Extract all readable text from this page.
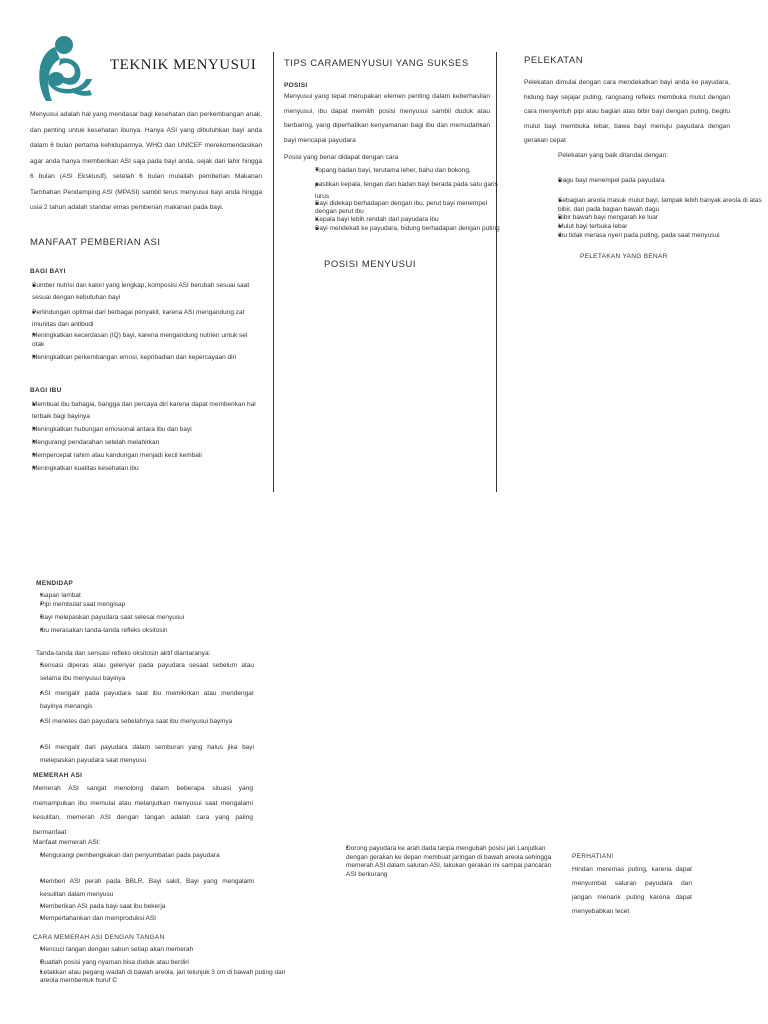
TEKNIK MENYUSUI
Menyusui adalah hal yang mendasar bagi kesehatan dan perkembangan anak, dan penting untuk kesehatan ibunya. Hanya ASI yang dibutuhkan bayi anda dalam 6 bulan pertama kehidupannya, WHO dan UNICEF merekomendasikan agar anda hanya memberikan ASI saja pada bayi anda, sejak dari lahir hingga 6 bulan (ASI Eksklusif), setelah 6 bulan mulailah pemberian Makanan Tambahan Pendamping ASI (MPASI) sambil terus menyusui bayi anda hingga usia 2 tahun adalah standar emas pemberian makanan pada bayi.
MANFAAT PEMBERIAN ASI
BAGI BAYI
● Sumber nutrisi dan kalori yang lengkap, komposisi ASI berubah sesuai saat sesuai dengan kebutuhan bayi
● Perlindungan optimal dari berbagai penyakit, karena ASI mengandung zat imunitas dan antibodi
● Meningkatkan kecerdasan (IQ) bayi, karena mengandung nutrien untuk sel otak
● Meningkatkan perkembangan emosi, kepribadian dan kepercayaan diri
BAGI IBU
● Membuat ibu bahagia, bangga dan percaya diri karena dapat memberikan hal terbaik bagi bayinya
● Meningkatkan hubungan emosional antara ibu dan bayi
● Mengurangi pendarahan setelah melahirkan
● Mempercepat rahim atau kandungan menjadi kecil kembali
● Meningkatkan kualitas kesehatan ibu
TIPS CARAMENYUSUI YANG SUKSES
POSISI
Menyusui yang tepat merupakan elemen penting dalam keberhasilan menyusui, ibu dapat memilih posisi menyusui sambil duduk atau berbaring, yang diperhatikan kenyamanan bagi ibu dan memudahkan bayi mencapai payudara
Posisi yang benar didapat dengan cara
● Topang badan bayi, terutama leher, bahu dan bokong,
● pastikan kepala, lengan dan badan bayi berada pada satu garis lurus
● Bayi didekap berhadapan dengan ibu, perut bayi menempel dengan perut ibu
● Kepala bayi lebih rendah dari payudara ibu
● Bayi mendekati ke payudara, hidung berhadapan dengan puting
POSISI MENYUSUI
PELEKATAN
Pelekatan dimulai dengan cara mendekatkan bayi anda ke payudara, hidung bayi sejajar puting, rangsang refleks membuka mulut dengan cara menyentuh pipi atau bagian atas bibir bayi dengan puting, begitu mulut bayi membuka lebar, bawa bayi menuju payudara dengan gerakan cepat
Pelekatan yang baik ditandai dengan:
● Dagu bayi menempel pada payudara
● Sebagian areola masuk mulut bayi, tampak lebih banyak areola di atas bibir, dari pada bagian bawah dagu
● Bibir bawah bayi mengarah ke luar
● Mulut bayi terbuka lebar
● Ibu tidak merasa nyeri pada puting, pada saat menyusui
PELETAKAN YANG BENAR
MENDIDAP
• Isapan lambat
• Pipi membulat saat mengisap
• Bayi melepaskan payudara saat selesai menyusui
• Ibu merasakan tanda-tanda refleks oksitosin
Tanda-tanda dan sensasi refleks oksitosin aktif diantaranya:
• Sensasi diperas atau gelenyar pada payudara sesaat sebelum atau selama ibu menyusui bayinya
• ASI mengalir pada payudara saat ibu memikirkan atau mendengar bayinya menangis
• ASI menetes dari payudara sebelahnya saat ibu menyusui bayinya
• ASI mengalir dari payudara dalam semburan yang halus jika bayi melepaskan payudara saat menyusu
MEMERAH ASI
Memerah ASI sangat menolong dalam beberapa situasi yang memampukan ibu memulai atau melanjutkan menyusui saat mengalami kesulitan, memerah ASI dengan tangan adalah cara yang paling bermanfaat
Manfaat memerah ASI:
• Mengurangi pembengkakan dan penyumbatan pada payudara
• Memberi ASI perah pada BBLR, Bayi sakit, Bayi yang mengalami kesulitan dalam menyusu
• Memberikan ASI pada bayi saat ibu bekerja
• Mempertahankan dan memproduksi ASI
CARA MEMERAH ASI DENGAN TANGAN
• Mencuci tangan dengan sabun setiap akan memerah
• Buatlah posisi yang nyaman bisa duduk atau berdiri
• Letakkan atau pegang wadah di bawah areola, jari telunjuk 3 cm di bawah puting dan areola membentuk huruf C
• Dorong payudara ke arah dada tanpa mengubah posisi jari Lanjutkan dengan gerakan ke depan membuat jaringan di bawah areola sehingga memerah ASI dalam saluran ASI, lakukan gerakan ini sampai pancaran ASI berkurang
PERHATIAN!
Hindari meremas puting, karena dapat menyumbat saluran payudara dan jangan menarik puting karena dapat menyebabkan lecet
